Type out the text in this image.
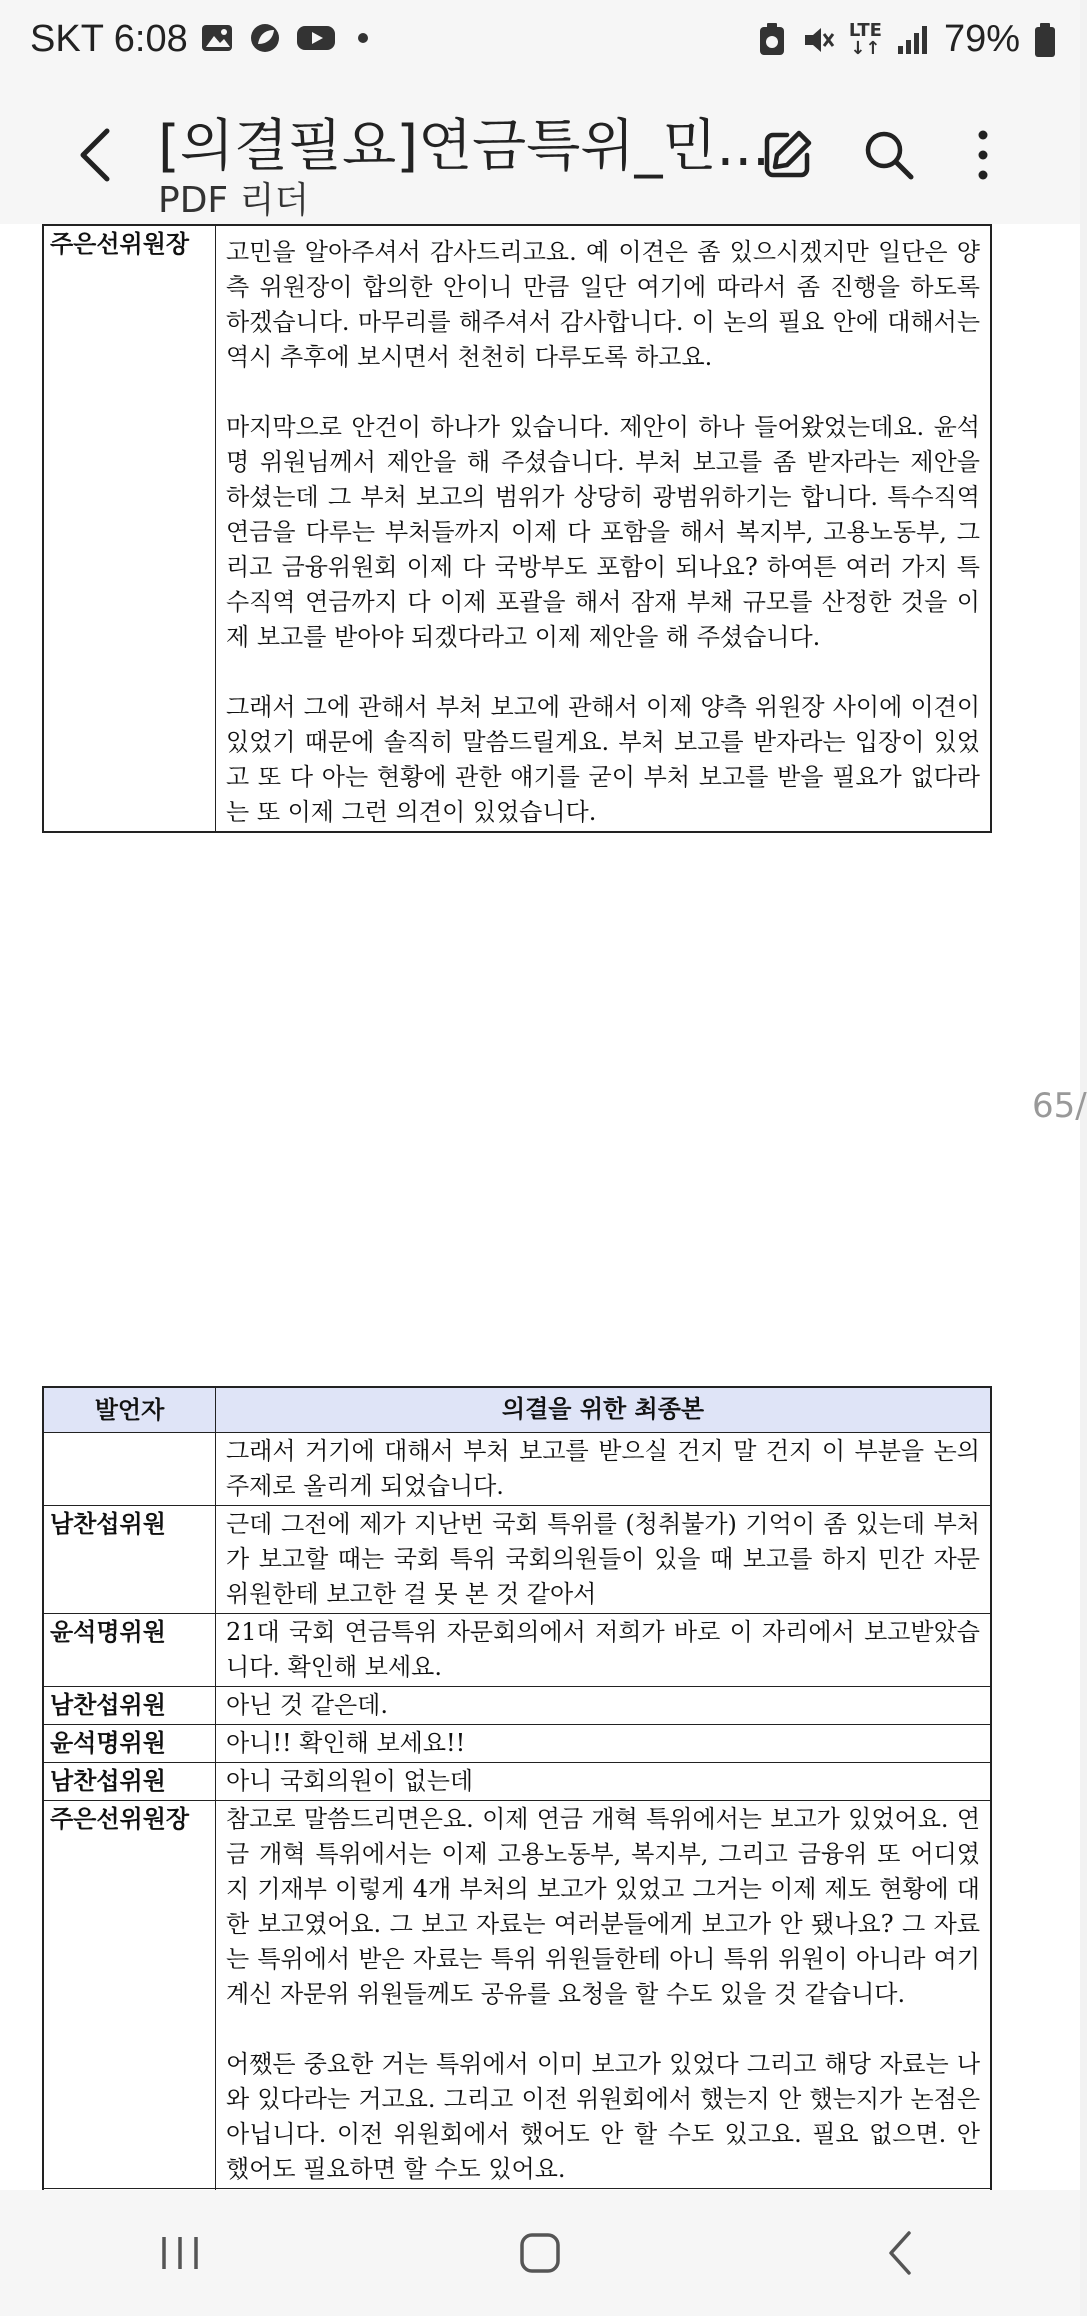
SKT 6:08	LTE
↓↑ 79%
[의결필요]연금특위_민...
PDF 리더
주은선위원장	고민을 알아주셔서 감사드리고요. 예 이견은 좀 있으시겠지만 일단은 양측 위원장이 합의한 안이니 만큼 일단 여기에 따라서 좀 진행을 하도록 하겠습니다. 마무리를 해주셔서 감사합니다. 이 논의 필요 안에 대해서는 역시 추후에 보시면서 천천히 다루도록 하고요.

마지막으로 안건이 하나가 있습니다. 제안이 하나 들어왔었는데요. 윤석명 위원님께서 제안을 해 주셨습니다. 부처 보고를 좀 받자라는 제안을 하셨는데 그 부처 보고의 범위가 상당히 광범위하기는 합니다. 특수직역 연금을 다루는 부처들까지 이제 다 포함을 해서 복지부, 고용노동부, 그리고 금융위원회 이제 다 국방부도 포함이 되나요? 하여튼 여러 가지 특수직역 연금까지 다 이제 포괄을 해서 잠재 부채 규모를 산정한 것을 이제 보고를 받아야 되겠다라고 이제 제안을 해 주셨습니다.

그래서 그에 관해서 부처 보고에 관해서 이제 양측 위원장 사이에 이견이 있었기 때문에 솔직히 말씀드릴게요. 부처 보고를 받자라는 입장이 있었고 또 다 아는 현황에 관한 얘기를 굳이 부처 보고를 받을 필요가 없다라는 또 이제 그런 의견이 있었습니다.

65/
발언자	의결을 위한 최종본

그래서 거기에 대해서 부처 보고를 받으실 건지 말 건지 이 부분을 논의 주제로 올리게 되었습니다.

남찬섭위원	근데 그전에 제가 지난번 국회 특위를 (청취불가) 기억이 좀 있는데 부처가 보고할 때는 국회 특위 국회의원들이 있을 때 보고를 하지 민간 자문위원한테 보고한 걸 못 본 것 같아서

윤석명위원	21대 국회 연금특위 자문회의에서 저희가 바로 이 자리에서 보고받았습니다. 확인해 보세요.

남찬섭위원	아닌 것 같은데.

윤석명위원	아니!! 확인해 보세요!!

남찬섭위원	아니 국회의원이 없는데

주은선위원장	참고로 말씀드리면은요. 이제 연금 개혁 특위에서는 보고가 있었어요. 연금 개혁 특위에서는 이제 고용노동부, 복지부, 그리고 금융위 또 어디였지 기재부 이렇게 4개 부처의 보고가 있었고 그거는 이제 제도 현황에 대한 보고였어요. 그 보고 자료는 여러분들에게 보고가 안 됐나요? 그 자료는 특위에서 받은 자료는 특위 위원들한테 아니 특위 위원이 아니라 여기 계신 자문위 위원들께도 공유를 요청을 할 수도 있을 것 같습니다.

어쨌든 중요한 거는 특위에서 이미 보고가 있었다 그리고 해당 자료는 나와 있다라는 거고요. 그리고 이전 위원회에서 했는지 안 했는지가 논점은 아닙니다. 이전 위원회에서 했어도 안 할 수도 있고요. 필요 없으면. 안 했어도 필요하면 할 수도 있어요.
